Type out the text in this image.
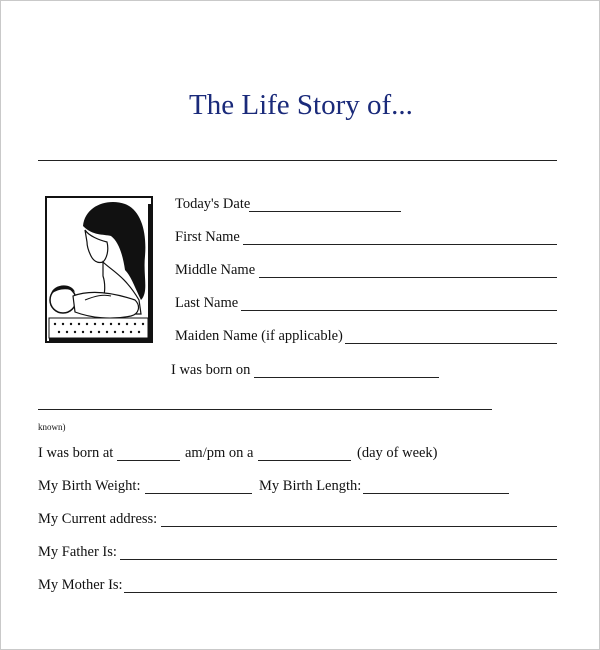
The Life Story of...
Today's Date
First Name
Middle Name
Last Name
Maiden Name (if applicable)
I was born on
known)
I was born at	am/pm on a	(day of week)
My Birth Weight:	My Birth Length:
My Current address:
My Father Is:
My Mother Is:
